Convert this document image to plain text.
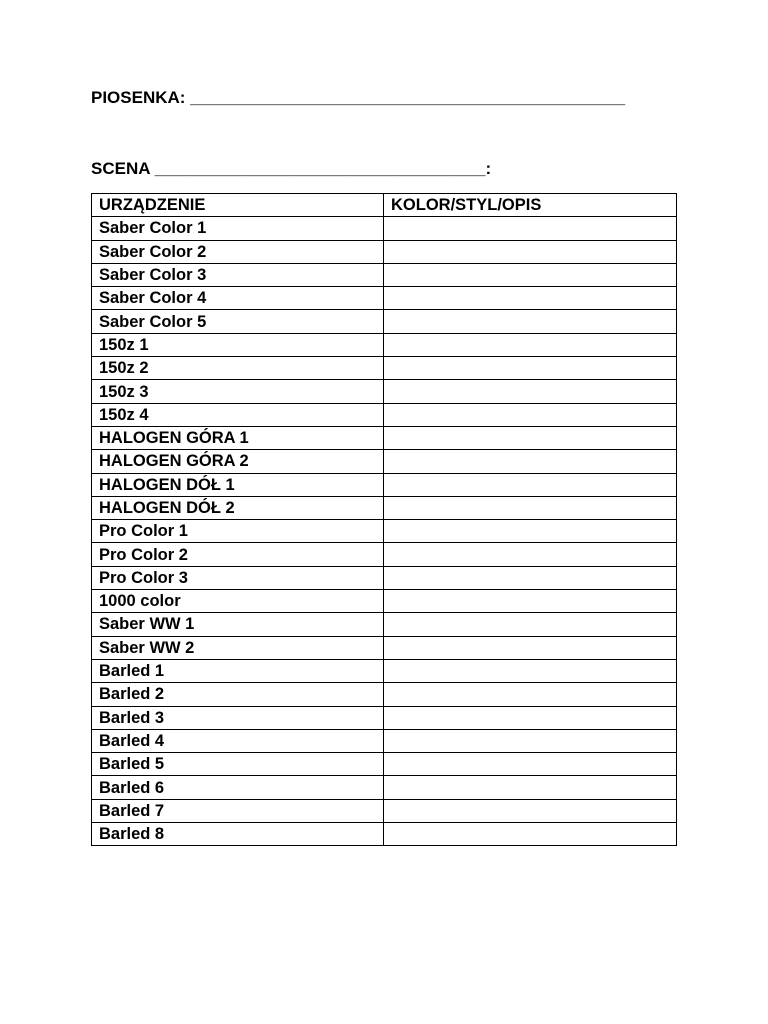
PIOSENKA: ______________________________________________
SCENA ___________________________________:
URZĄDZENIE	KOLOR/STYL/OPIS
Saber Color 1	
Saber Color 2	
Saber Color 3	
Saber Color 4	
Saber Color 5	
150z 1	
150z 2	
150z 3	
150z 4	
HALOGEN GÓRA 1	
HALOGEN GÓRA 2	
HALOGEN DÓŁ 1	
HALOGEN DÓŁ 2	
Pro Color 1	
Pro Color 2	
Pro Color 3	
1000 color	
Saber WW 1	
Saber WW 2	
Barled 1	
Barled 2	
Barled 3	
Barled 4	
Barled 5	
Barled 6	
Barled 7	
Barled 8	
